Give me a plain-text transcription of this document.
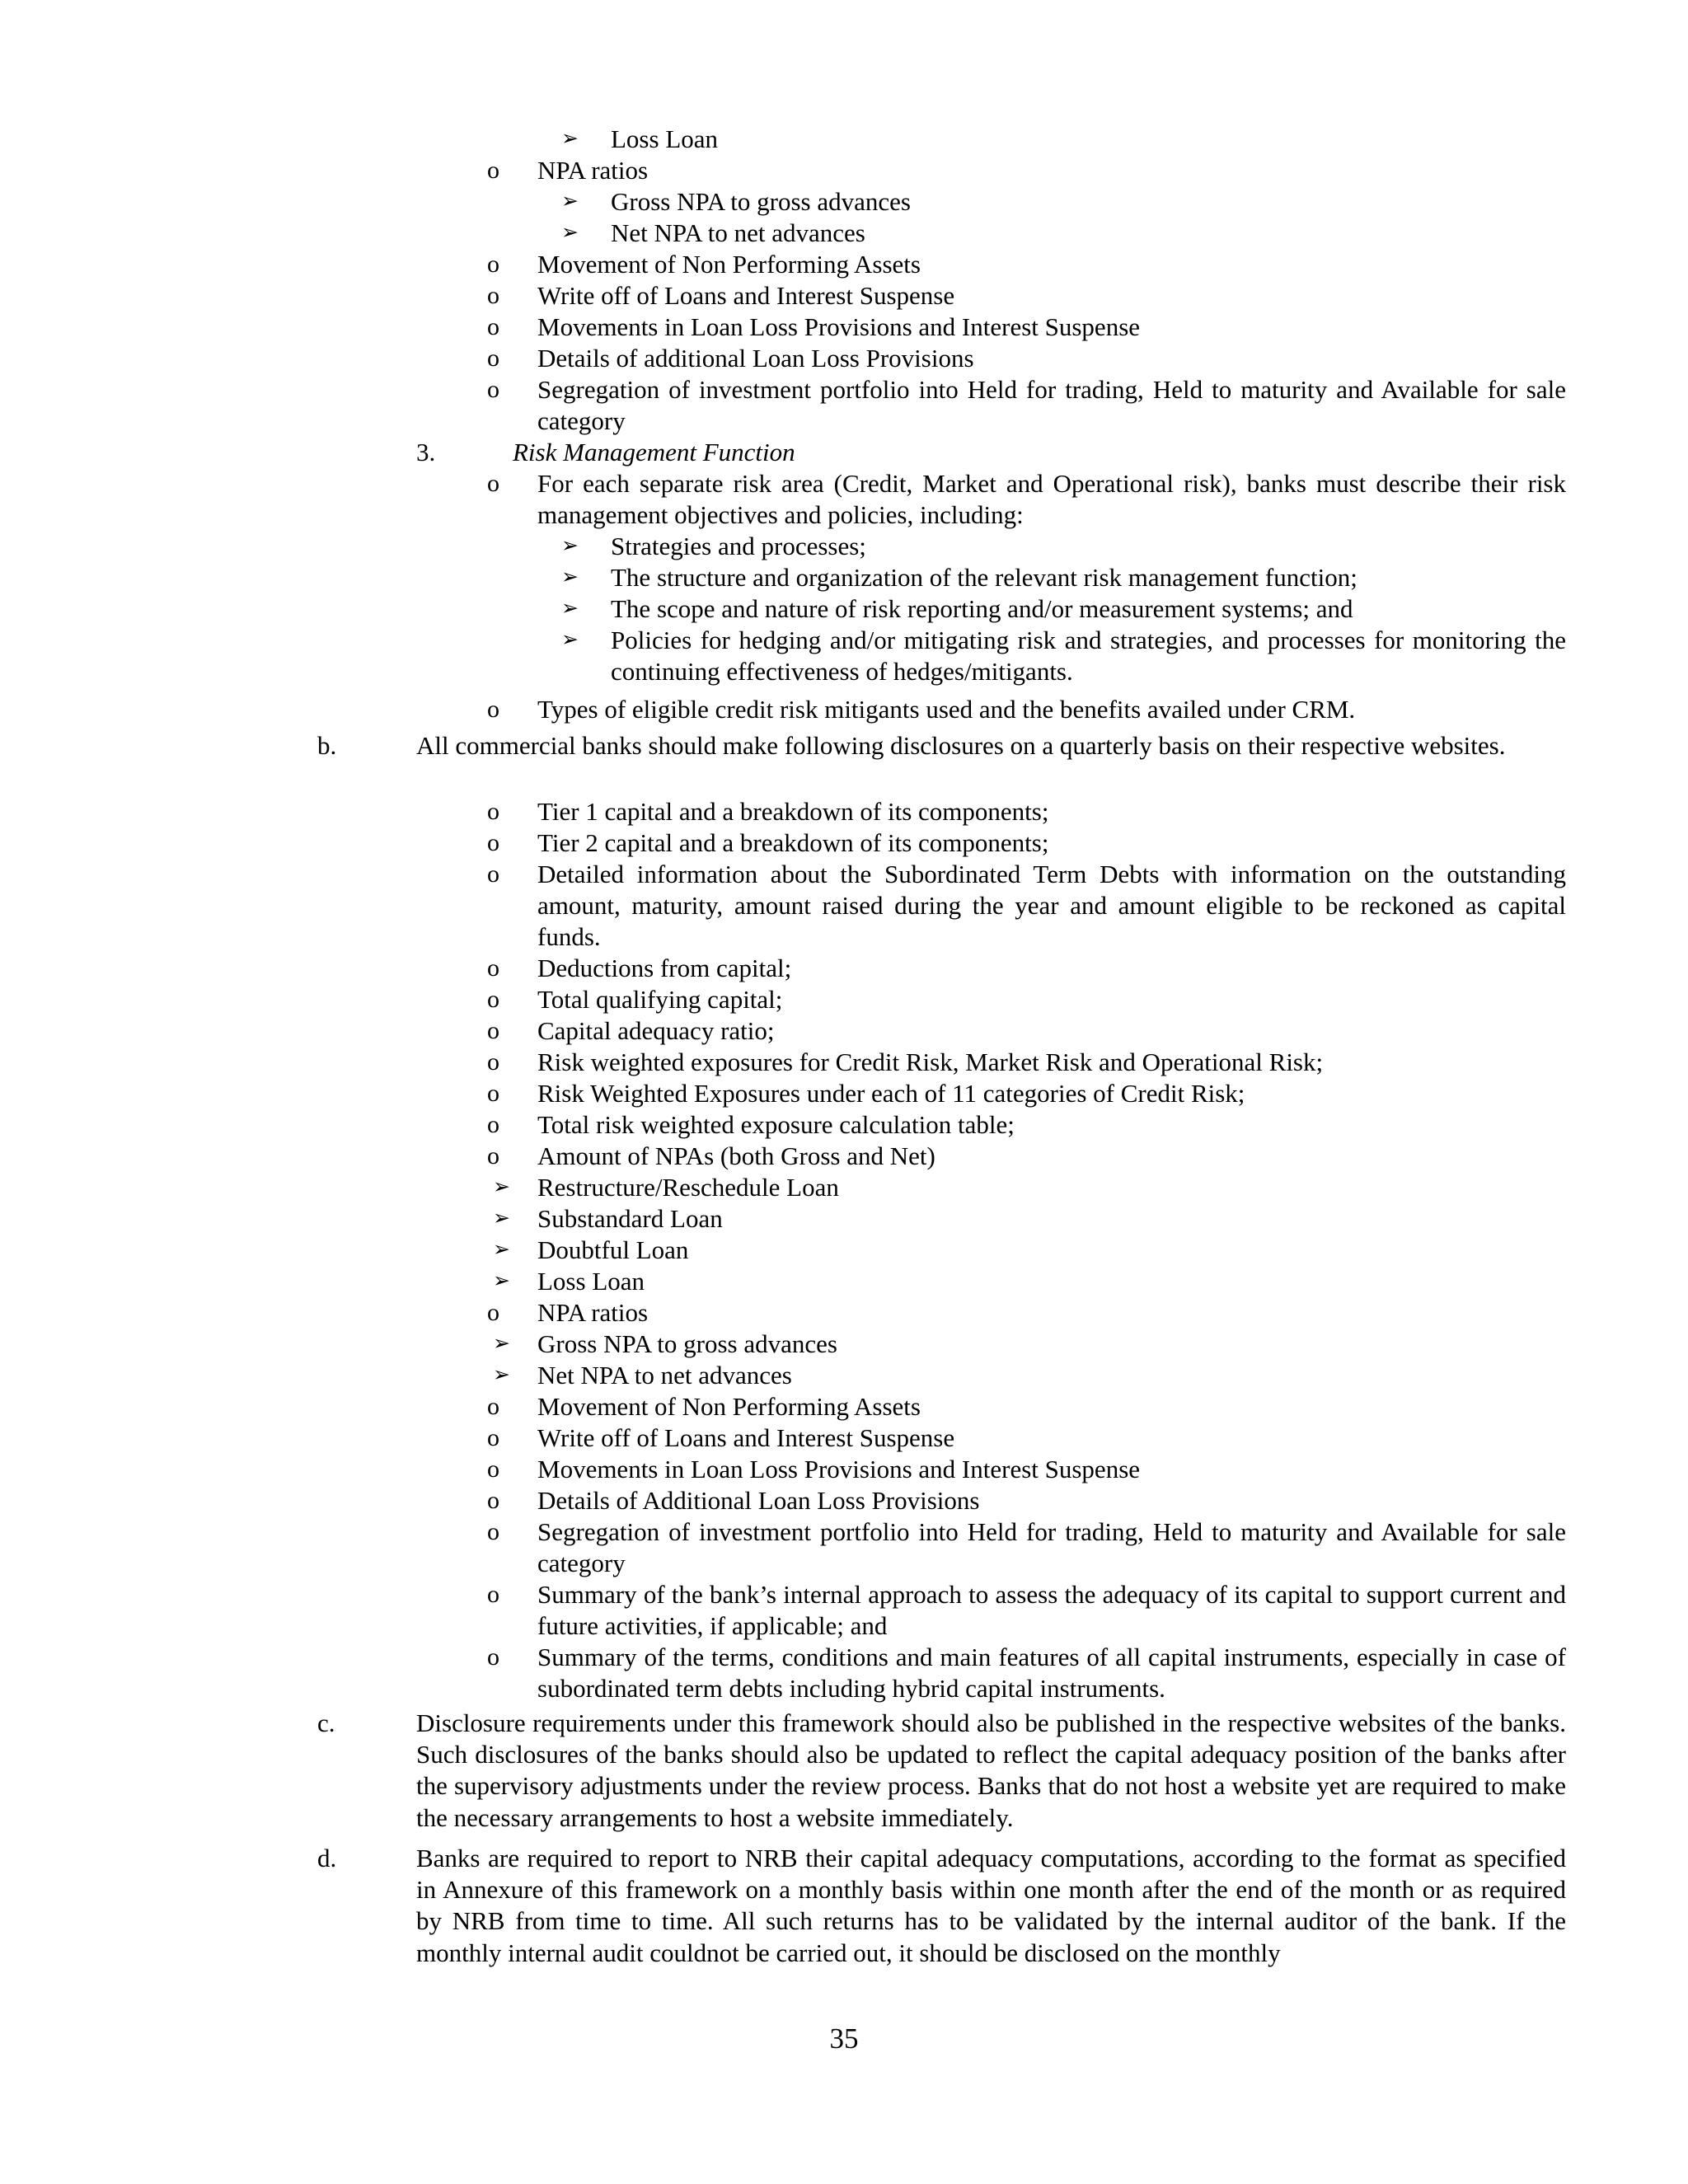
➢ Loss Loan
o NPA ratios
➢ Gross NPA to gross advances
➢ Net NPA to net advances
o Movement of Non Performing Assets
o Write off of Loans and Interest Suspense
o Movements in Loan Loss Provisions and Interest Suspense
o Details of additional Loan Loss Provisions
o Segregation of investment portfolio into Held for trading, Held to maturity and Available for sale category
3.	Risk Management Function
o For each separate risk area (Credit, Market and Operational risk), banks must describe their risk management objectives and policies, including:
➢ Strategies and processes;
➢ The structure and organization of the relevant risk management function;
➢ The scope and nature of risk reporting and/or measurement systems; and
➢ Policies for hedging and/or mitigating risk and strategies, and processes for monitoring the continuing effectiveness of hedges/mitigants.
o Types of eligible credit risk mitigants used and the benefits availed under CRM.
b.	All commercial banks should make following disclosures on a quarterly basis on their respective websites.
o Tier 1 capital and a breakdown of its components;
o Tier 2 capital and a breakdown of its components;
o Detailed information about the Subordinated Term Debts with information on the outstanding amount, maturity, amount raised during the year and amount eligible to be reckoned as capital funds.
o Deductions from capital;
o Total qualifying capital;
o Capital adequacy ratio;
o Risk weighted exposures for Credit Risk, Market Risk and Operational Risk;
o Risk Weighted Exposures under each of 11 categories of Credit Risk;
o Total risk weighted exposure calculation table;
o Amount of NPAs (both Gross and Net)
➢ Restructure/Reschedule Loan
➢ Substandard Loan
➢ Doubtful Loan
➢ Loss Loan
o NPA ratios
➢ Gross NPA to gross advances
➢ Net NPA to net advances
o Movement of Non Performing Assets
o Write off of Loans and Interest Suspense
o Movements in Loan Loss Provisions and Interest Suspense
o Details of Additional Loan Loss Provisions
o Segregation of investment portfolio into Held for trading, Held to maturity and Available for sale category
o Summary of the bank’s internal approach to assess the adequacy of its capital to support current and future activities, if applicable; and
o Summary of the terms, conditions and main features of all capital instruments, especially in case of subordinated term debts including hybrid capital instruments.
c.	Disclosure requirements under this framework should also be published in the respective websites of the banks. Such disclosures of the banks should also be updated to reflect the capital adequacy position of the banks after the supervisory adjustments under the review process. Banks that do not host a website yet are required to make the necessary arrangements to host a website immediately.
d.	Banks are required to report to NRB their capital adequacy computations, according to the format as specified in Annexure of this framework on a monthly basis within one month after the end of the month or as required by NRB from time to time. All such returns has to be validated by the internal auditor of the bank. If the monthly internal audit couldnot be carried out, it should be disclosed on the monthly
35
